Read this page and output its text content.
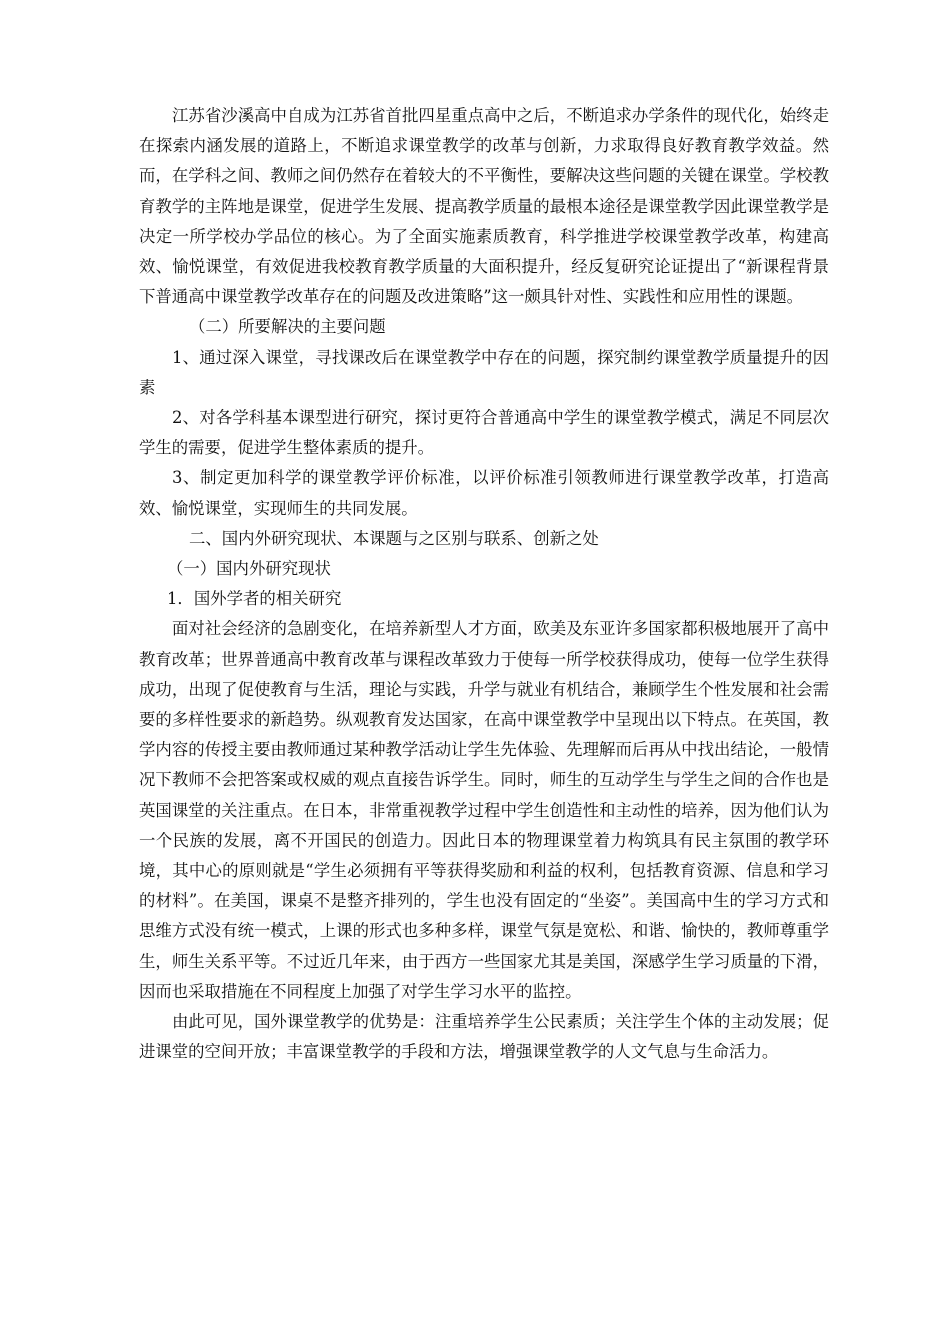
江苏省沙溪高中自成为江苏省首批四星重点高中之后，不断追求办学条件的现代化，始终走在探索内涵发展的道路上，不断追求课堂教学的改革与创新，力求取得良好教育教学效益。然而，在学科之间、教师之间仍然存在着较大的不平衡性，要解决这些问题的关键在课堂。学校教育教学的主阵地是课堂，促进学生发展、提高教学质量的最根本途径是课堂教学因此课堂教学是决定一所学校办学品位的核心。为了全面实施素质教育，科学推进学校课堂教学改革，构建高效、愉悦课堂，有效促进我校教育教学质量的大面积提升，经反复研究论证提出了“新课程背景下普通高中课堂教学改革存在的问题及改进策略”这一颇具针对性、实践性和应用性的课题。

（二）所要解决的主要问题

1、通过深入课堂，寻找课改后在课堂教学中存在的问题，探究制约课堂教学质量提升的因素

2、对各学科基本课型进行研究，探讨更符合普通高中学生的课堂教学模式，满足不同层次学生的需要，促进学生整体素质的提升。

3、制定更加科学的课堂教学评价标准，以评价标准引领教师进行课堂教学改革，打造高效、愉悦课堂，实现师生的共同发展。

二、国内外研究现状、本课题与之区别与联系、创新之处

（一）国内外研究现状

1．国外学者的相关研究

面对社会经济的急剧变化，在培养新型人才方面，欧美及东亚许多国家都积极地展开了高中教育改革；世界普通高中教育改革与课程改革致力于使每一所学校获得成功，使每一位学生获得成功，出现了促使教育与生活，理论与实践，升学与就业有机结合，兼顾学生个性发展和社会需要的多样性要求的新趋势。纵观教育发达国家，在高中课堂教学中呈现出以下特点。在英国，教学内容的传授主要由教师通过某种教学活动让学生先体验、先理解而后再从中找出结论，一般情况下教师不会把答案或权威的观点直接告诉学生。同时，师生的互动学生与学生之间的合作也是英国课堂的关注重点。在日本，非常重视教学过程中学生创造性和主动性的培养，因为他们认为一个民族的发展，离不开国民的创造力。因此日本的物理课堂着力构筑具有民主氛围的教学环境，其中心的原则就是“学生必须拥有平等获得奖励和利益的权利，包括教育资源、信息和学习的材料”。在美国，课桌不是整齐排列的，学生也没有固定的“坐姿”。美国高中生的学习方式和思维方式没有统一模式，上课的形式也多种多样，课堂气氛是宽松、和谐、愉快的，教师尊重学生，师生关系平等。不过近几年来，由于西方一些国家尤其是美国，深感学生学习质量的下滑，因而也采取措施在不同程度上加强了对学生学习水平的监控。

由此可见，国外课堂教学的优势是：注重培养学生公民素质；关注学生个体的主动发展；促进课堂的空间开放；丰富课堂教学的手段和方法，增强课堂教学的人文气息与生命活力。
